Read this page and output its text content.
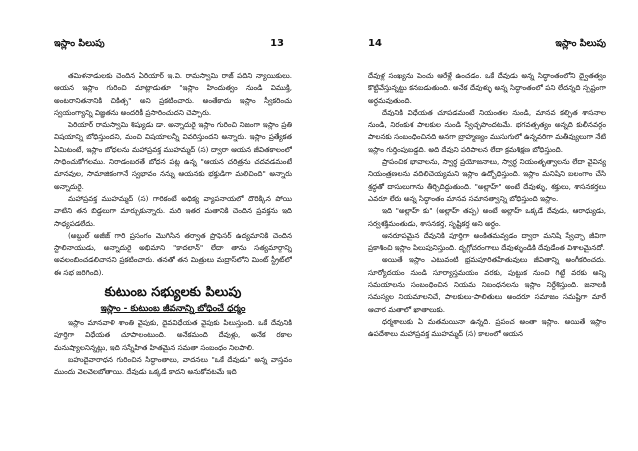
ఇస్లాం పిలుపు	13

తమిళనాడులకు చెందిన ఏరియార్ ఇ.వి. రామస్వామి రాజ్ పదిని న్యాయికులు. ఆయన ఇస్లాం గురించి మాట్లాడుతూ "ఇస్లాం హిందుత్వం నుండి విముక్తి, అంటరానితనానికి చికిత్స" అని ప్రకటించారు. అంతేకాదు ఇస్లాం స్వీకరించు స్వయంగ్యాన్ని విజ్ఞతను అందరికీ ప్రసారించుదని చెప్పారు.

పెరియార్ రామస్వామి శిష్యుడు డా. అన్నాదురై ఇస్లాం గురించి నిజంగా ఇస్లాం ప్రతి విషయాన్ని బోధిస్తుందని, మంచి విషయాలన్నీ వివరిస్తుందని అన్నారు. ఇస్లాం ప్రత్యేకత ఏమిటంటే, ఇస్లాం బోధలను మహాప్రవక్త ముహమ్మద్ (స) ద్వారా ఆయన జీవితకాలంలో సాధించుకోగలము. నిరాడంబరతే బోధన పట్ల ఉన్న "ఆయన చరిత్రను చదవడమంటే మానవుల, సామాజికంగానే స్వభావం నన్ను ఆయనకు భక్తుడిగా మలిచింది" అన్నారు అన్నాదురై.

మహాప్రవక్త ముహమ్మద్ (స) గారికంటే అధిక్య వ్యాపనాయలో దొరిక్కిన పోయి వాటిని తన బిడ్డలుగా మార్చుకున్నారు. మరి ఇతర మతానికి చెందిన ప్రవక్తను ఇది సాధ్యపడలేదు.

(అబ్దుల్ అజీజ్ గారి ప్రసంగం మొగిసిన తర్వాత ప్రొఫెసర్ ఉద్యమానికి చెందిన స్టాలినాయుడు, అన్నాదురై అభిమాని "కాదలాన్" లేదా తాను సత్యమార్గాన్ని అవలంబించడలిచానని ప్రకటించారు. తనతో తన మిత్రులు మద్రాస్‌లోని మింట్ స్ట్రీట్‌లో ఈ సభ జరిగింది).

కుటుంబ సభ్యులకు పిలుపు
ఇస్లాం - కుటుంబ జీవనాన్ని బోధించే ధర్మం

ఇస్లాం మానవాళి శాంతి వైపుకు, దైవవిధేయత వైపుకు పిలుస్తుంది. ఒకే దేవునికి పూర్తిగా విధేయత చూపాలంటుంది. అనేకమంది దేవుళ్లు, అనేక రకాల మనుష్యాలనిన్నట్లు, ఇది సస్నేహిత హితమైన సమతా సంబంధం నిలపాలి.

బహుదైవారాధన గురించిన సిద్ధాంతాలు, వాదనలు "ఒకే దేవుడు" అన్న వాస్తవం ముందు వెలవెలబోతాయి. దేవుడు ఒక్కడే కాదని అనుకోవటమే ఇది

14	ఇస్లాం పిలుపు

దేవుళ్ల సంఖ్యను పెంచు ఆరేళ్లే ఉంచడం. ఒకే దేవుడు అన్న సిద్ధాంతంలోని ద్వైతత్వం కొట్టివేస్తున్నట్టు కనబడుతుంది. అనేక దేవుళ్ళు అన్న సిద్ధాంతంలో పని లేదన్నది స్పష్టంగా అర్థమవుతుంది.

దేవునికి విధేయత చూపడమంటే నియంతల నుండి, మానవ కల్పిత శాసనాల నుండి, నిరంకుశ పాలకుల నుండి స్వేచ్ఛపొందటమే. భగవత్సత్యం అన్నది కులీనవర్గం పాలనకు సంబంధించినది అనగా బ్రాహ్మణ్యం ముసుగులో ఉన్నవరిగా మతీవ్యులుగా నేటి ఇస్లాం గుర్తింపుబడ్డది. అది దేవుని పరిపాలన లేదా క్రమశిక్షణ బోధిస్తుంది.

ప్రాపంచిక భావాలను, స్వార్థ ప్రయోజనాలు, స్వార్థ నియంతృత్వాలను లేదా వైవిన్య నియంత్రణలను వదిలిచెయ్యమని ఇస్లాం ఉద్బోధిస్తుంది. ఇస్లాం మనిషిని బలంగాం చేసి శ్రద్ధతో దాసులుగాను తీర్చిదిద్దుతుంది. "అల్లాహ్" అంటే దేవుళ్ళు, శక్తులు, శాసనకర్తలు ఎవరూ లేరు అన్న సిద్ధాంతం మానవ సమానత్వాన్ని బోధిస్తుంది ఇస్లాం.

ఇది "అల్లాహ్ కు" (అల్లాహ్ తప్ప) అంటే అల్లాహ్ ఒక్కడే దేవుడు, ఆరాధ్యుడు, సర్వశక్తిమంతుడు, శాసనకర్త, సృష్టికర్త అని అర్థం.

ఆనరూపమైన దేవునికి పూర్తిగా అంకితమవ్వడం ద్వారా మనిషి స్వేచ్ఛా జీవిగా ప్రకాశించి ఇస్లాం పిలుపునిస్తుంది. దృగ్గోచరంగాలు దేవుళ్ళుండికి దేవుడేంత విశాలమైనదో.

అయితే ఇస్లాం ఎటువంటి భ్రమపూరితహేతువులు జీవితాన్ని అంగీకరించదు. సూర్యోదయం నుండి సూర్యాస్తమయం వరకు, పుట్టుక నుంచి గిట్టే వరకు అన్ని సమయాలను సంబంధించిన నియమ నిబంధనలను ఇస్లాం నిర్దేశిస్తుంది. జనాలకి సమస్యల నియమాలనిచే, పాలకులు-పాలితులు అందరూ సమాజం సమష్టిగా మారే ఆచార మతాలో ఖాతాలుకు.

ధర్మశాలుకు ఏ మతమయినా ఉన్నది. ప్రపంచ అంతా ఇస్లాం. అయితే ఇస్లాం ఉపదేశాలు మహాప్రవక్త ముహమ్మద్ (స) కాలంలో ఆయన
